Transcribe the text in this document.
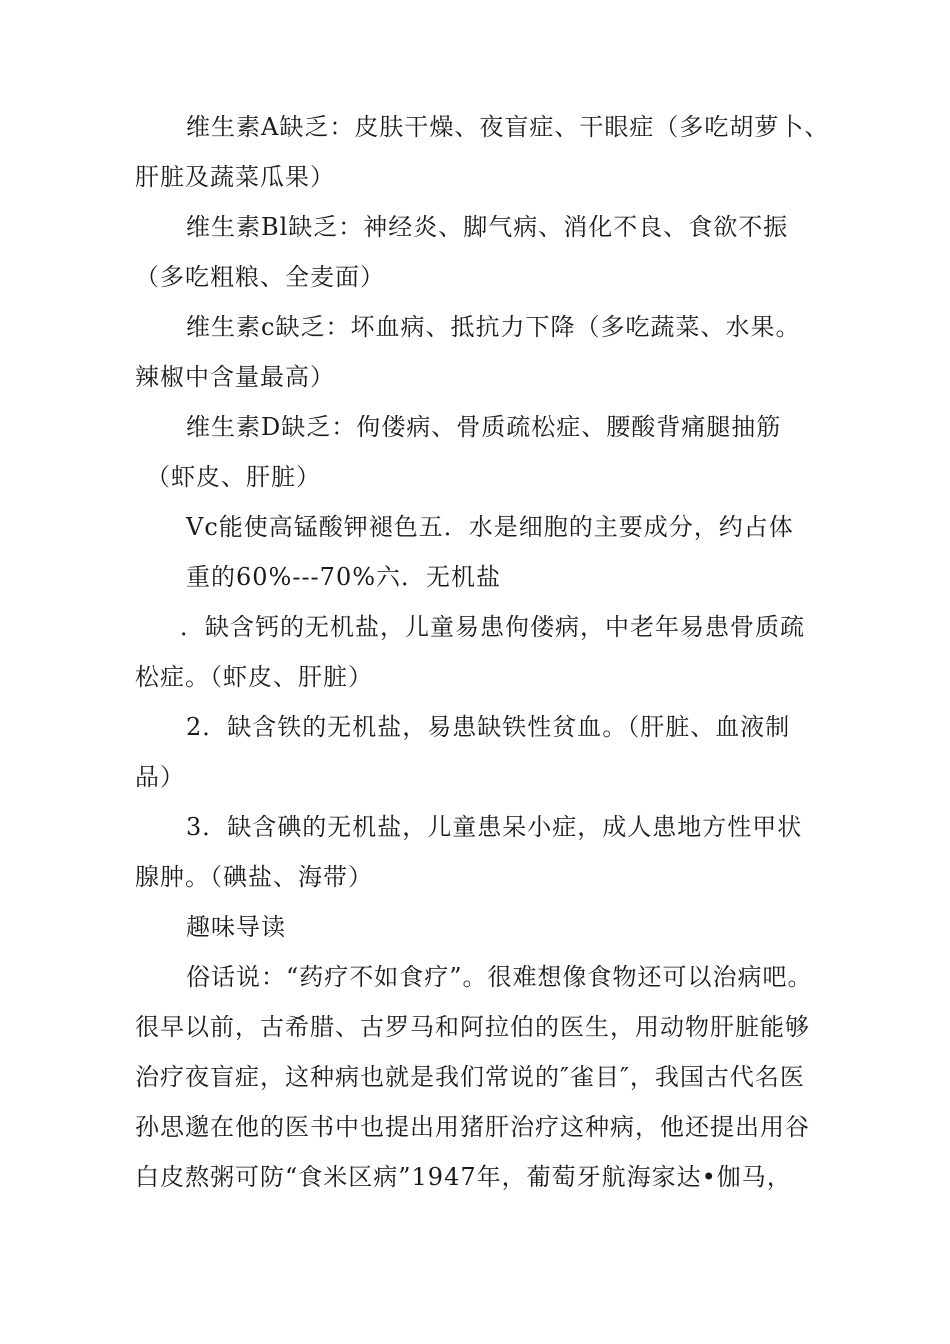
维生素A缺乏：皮肤干燥、夜盲症、干眼症（多吃胡萝卜、
肝脏及蔬菜瓜果）
维生素Bl缺乏：神经炎、脚气病、消化不良、食欲不振
（多吃粗粮、全麦面）
维生素c缺乏：坏血病、抵抗力下降（多吃蔬菜、水果。
辣椒中含量最高）
维生素D缺乏：佝偻病、骨质疏松症、腰酸背痛腿抽筋
（虾皮、肝脏）
Vc能使高锰酸钾褪色五．水是细胞的主要成分，约占体
重的60%---70%六．无机盐
．缺含钙的无机盐，儿童易患佝偻病，中老年易患骨质疏
松症。（虾皮、肝脏）
2．缺含铁的无机盐，易患缺铁性贫血。（肝脏、血液制
品）
3．缺含碘的无机盐，儿童患呆小症，成人患地方性甲状
腺肿。（碘盐、海带）
趣味导读
俗话说：“药疗不如食疗”。很难想像食物还可以治病吧。
很早以前，古希腊、古罗马和阿拉伯的医生，用动物肝脏能够
治疗夜盲症，这种病也就是我们常说的″雀目″，我国古代名医
孙思邈在他的医书中也提出用猪肝治疗这种病，他还提出用谷
白皮熬粥可防“食米区病”1947年，葡萄牙航海家达•伽马，
